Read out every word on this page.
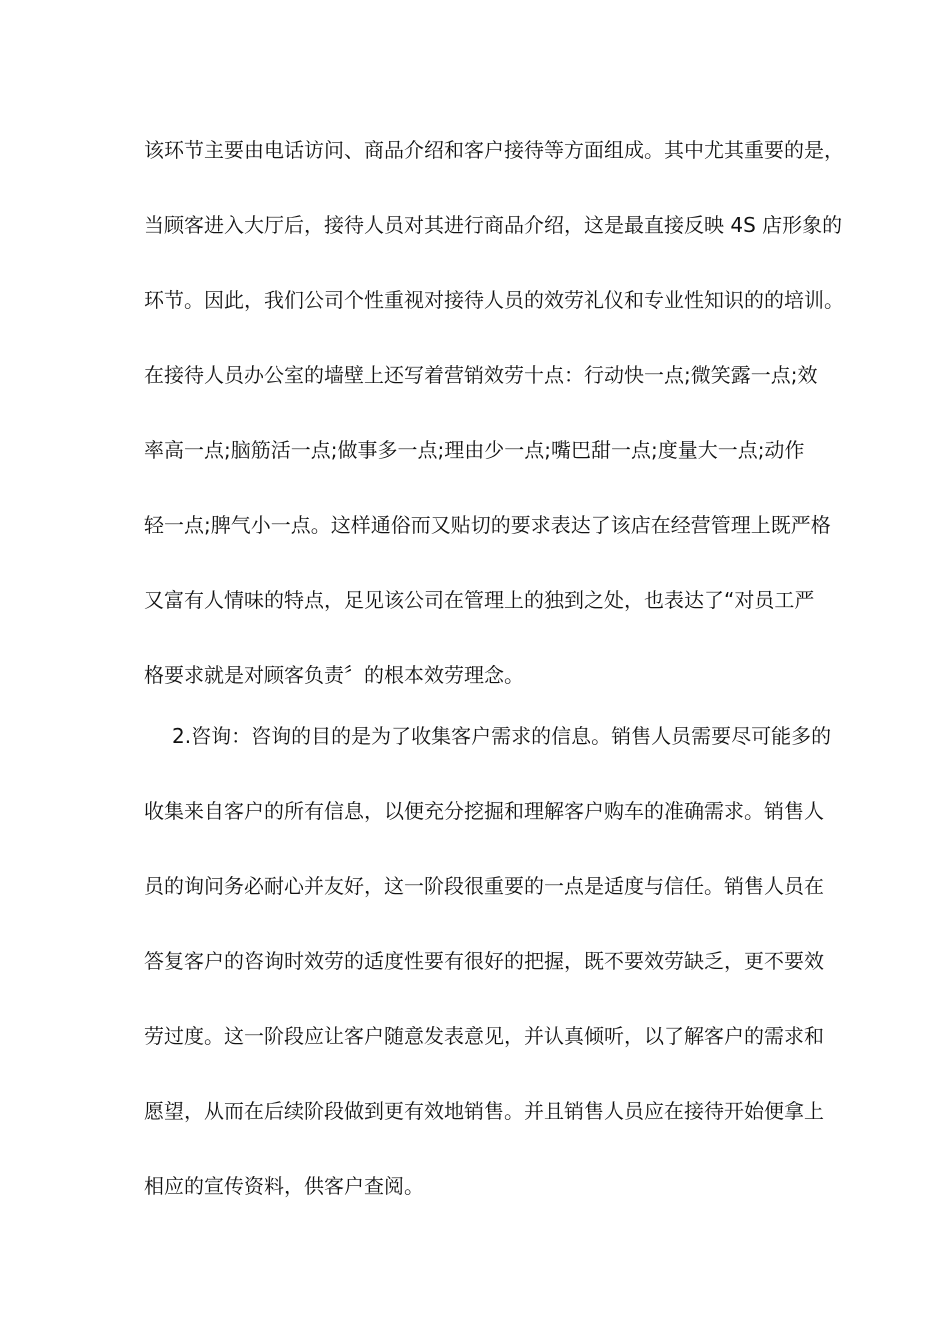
该环节主要由电话访问、商品介绍和客户接待等方面组成。其中尤其重要的是，
当顾客进入大厅后，接待人员对其进行商品介绍，这是最直接反映 4S 店形象的
环节。因此，我们公司个性重视对接待人员的效劳礼仪和专业性知识的的培训。
在接待人员办公室的墙壁上还写着营销效劳十点：行动快一点;微笑露一点;效
率高一点;脑筋活一点;做事多一点;理由少一点;嘴巴甜一点;度量大一点;动作
轻一点;脾气小一点。这样通俗而又贴切的要求表达了该店在经营管理上既严格
又富有人情味的特点，足见该公司在管理上的独到之处，也表达了“对员工严
格要求就是对顾客负责〞的根本效劳理念。
2.咨询：咨询的目的是为了收集客户需求的信息。销售人员需要尽可能多的
收集来自客户的所有信息，以便充分挖掘和理解客户购车的准确需求。销售人
员的询问务必耐心并友好，这一阶段很重要的一点是适度与信任。销售人员在
答复客户的咨询时效劳的适度性要有很好的把握，既不要效劳缺乏，更不要效
劳过度。这一阶段应让客户随意发表意见，并认真倾听，以了解客户的需求和
愿望，从而在后续阶段做到更有效地销售。并且销售人员应在接待开始便拿上
相应的宣传资料，供客户查阅。
